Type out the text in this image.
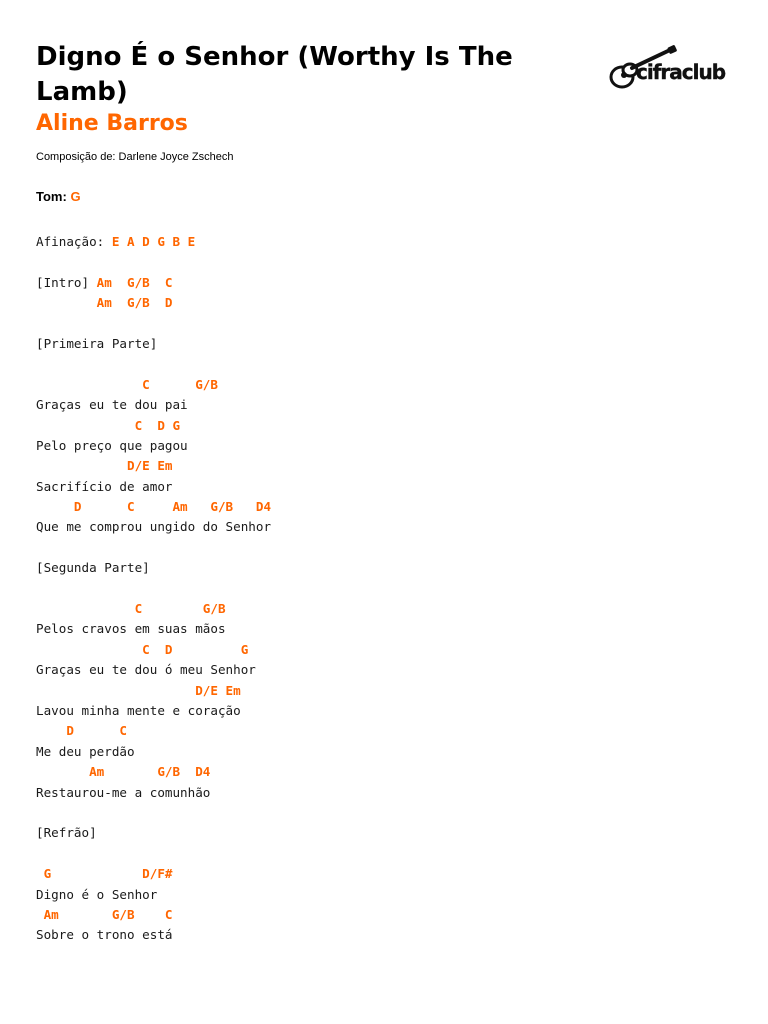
Digno É o Senhor (Worthy Is The Lamb)
Aline Barros
Composição de: Darlene Joyce Zschech
cifraclub
Tom: G
Afinação: E A D G B E

[Intro] Am  G/B  C
Am  G/B  D

[Primeira Parte]

C      G/B
Graças eu te dou pai
C  D G
Pelo preço que pagou
D/E Em
Sacrifício de amor
D      C     Am   G/B   D4
Que me comprou ungido do Senhor

[Segunda Parte]

C        G/B
Pelos cravos em suas mãos
C  D         G
Graças eu te dou ó meu Senhor
D/E Em
Lavou minha mente e coração
D      C
Me deu perdão
Am       G/B  D4
Restaurou-me a comunhão

[Refrão]

G            D/F#
Digno é o Senhor
Am       G/B    C
Sobre o trono está
